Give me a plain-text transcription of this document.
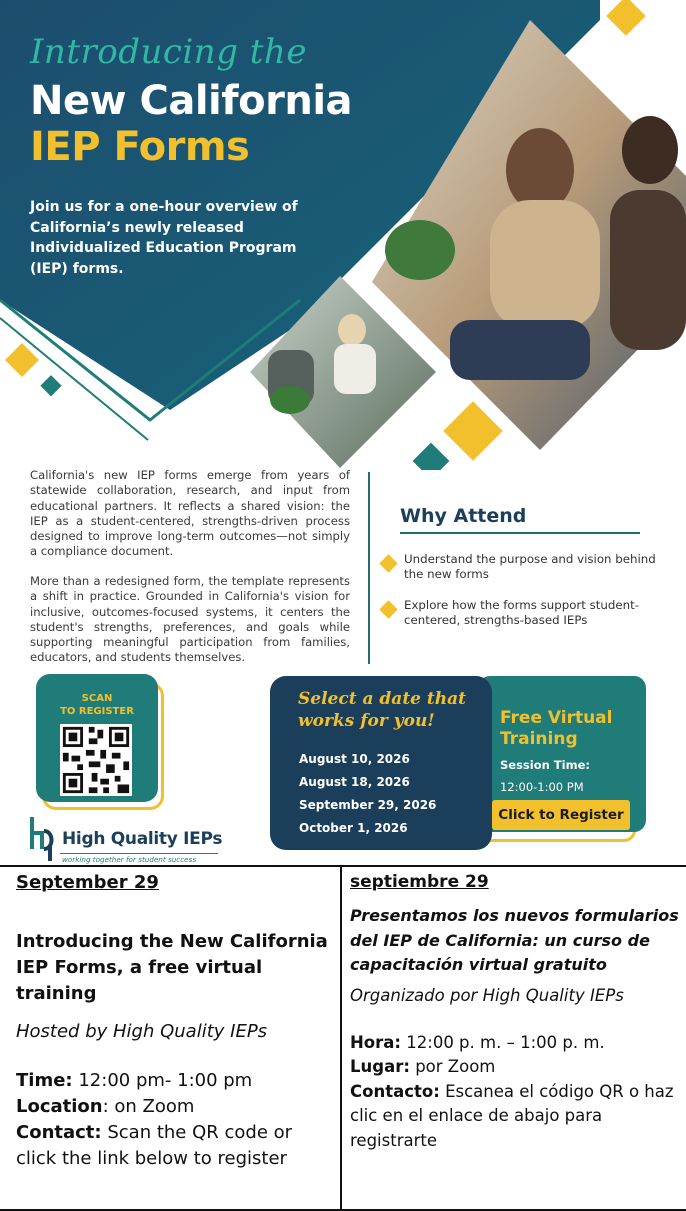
Introducing the
New California
IEP Forms
Join us for a one-hour overview of California’s newly released Individualized Education Program (IEP) forms.
California's new IEP forms emerge from years of statewide collaboration, research, and input from educational partners. It reflects a shared vision: the IEP as a student-centered, strengths-driven process designed to improve long-term outcomes—not simply a compliance document.
More than a redesigned form, the template represents a shift in practice. Grounded in California's vision for inclusive, outcomes-focused systems, it centers the student's strengths, preferences, and goals while supporting meaningful participation from families, educators, and students themselves.
Why Attend
Understand the purpose and vision behind the new forms
Explore how the forms support student-centered, strengths-based IEPs
SCAN
TO REGISTER
High Quality IEPs
working together for student success
Select a date that works for you!
August 10, 2026
August 18, 2026
September 29, 2026
October 1, 2026
Free Virtual Training
Session Time:
12:00-1:00 PM
Click to Register
September 29
Introducing the New California IEP Forms, a free virtual training
Hosted by High Quality IEPs
Time: 12:00 pm- 1:00 pm
Location: on Zoom
Contact: Scan the QR code or click the link below to register
septiembre 29
Presentamos los nuevos formularios del IEP de California: un curso de capacitación virtual gratuito
Organizado por High Quality IEPs
Hora: 12:00 p. m. – 1:00 p. m.
Lugar: por Zoom
Contacto: Escanea el código QR o haz clic en el enlace de abajo para registrarte
